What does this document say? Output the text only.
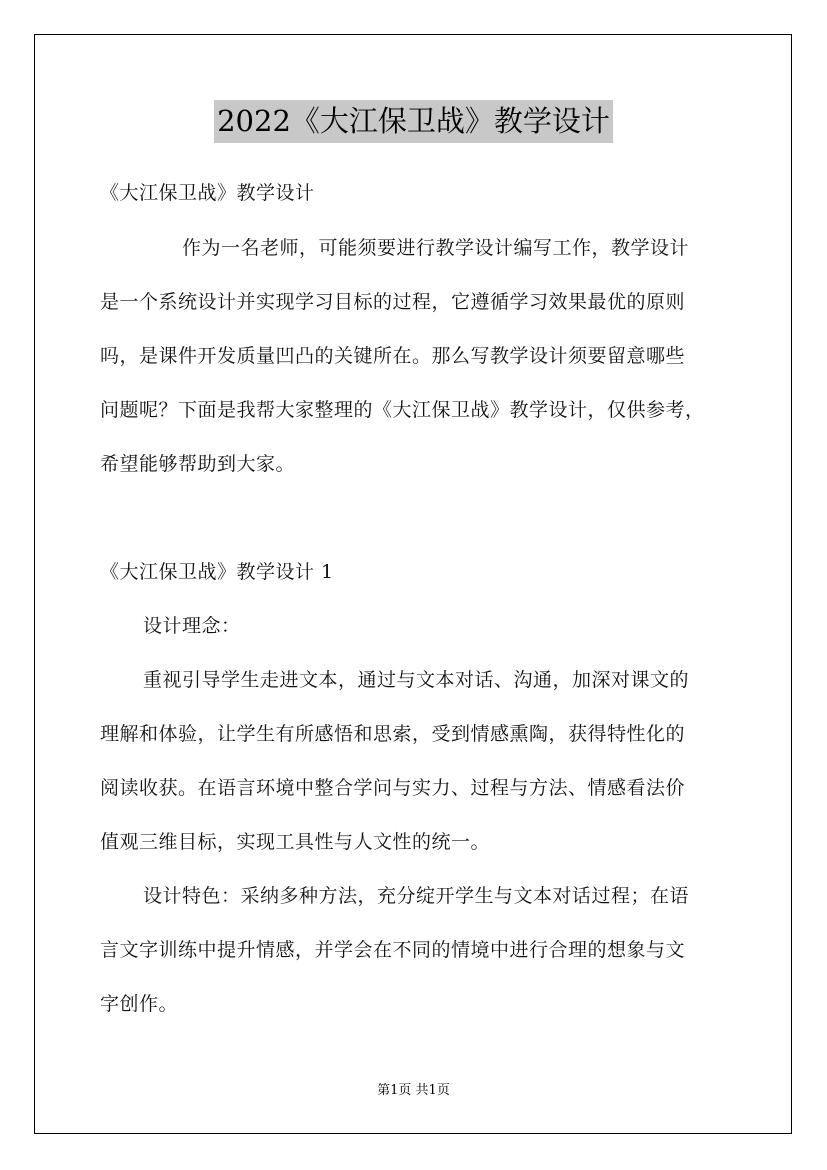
2022《大江保卫战》教学设计
《大江保卫战》教学设计
作为一名老师，可能须要进行教学设计编写工作，教学设计
是一个系统设计并实现学习目标的过程，它遵循学习效果最优的原则
吗，是课件开发质量凹凸的关键所在。那么写教学设计须要留意哪些
问题呢？下面是我帮大家整理的《大江保卫战》教学设计，仅供参考，
希望能够帮助到大家。
《大江保卫战》教学设计 1
设计理念：
重视引导学生走进文本，通过与文本对话、沟通，加深对课文的
理解和体验，让学生有所感悟和思索，受到情感熏陶，获得特性化的
阅读收获。在语言环境中整合学问与实力、过程与方法、情感看法价
值观三维目标，实现工具性与人文性的统一。
设计特色：采纳多种方法，充分绽开学生与文本对话过程；在语
言文字训练中提升情感，并学会在不同的情境中进行合理的想象与文
字创作。
第1页 共1页
